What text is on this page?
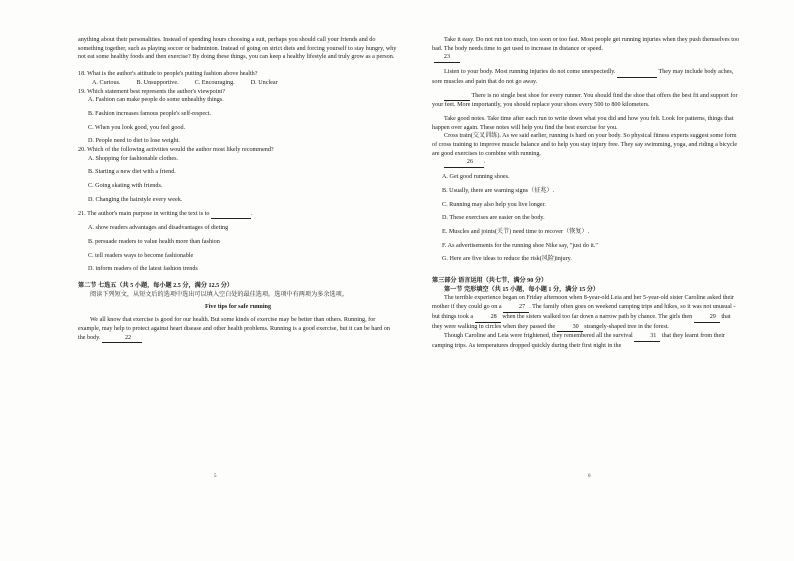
anything about their personalities. Instead of spending hours choosing a suit, perhaps you should call your friends and do something together, such as playing soccer or badminton. Instead of going on strict diets and forcing yourself to stay hungry, why not eat some healthy foods and then exercise? By doing these things, you can keep a healthy lifestyle and truly grow as a person.

18. What is the author's attitude to people's putting fashion above health?

A. Curious.	B. Unsupportive.	C. Encouraging.	D. Unclear

19. Which statement best represents the author's viewpoint?

A. Fashion can make people do some unhealthy things.

B. Fashion increases famous people's self-respect.

C. When you look good, you feel good.

D. People need to diet to lose weight.

20. Which of the following activities would the author most likely recommend?

A. Shopping for fashionable clothes.

B. Starting a new diet with a friend.

C. Going skating with friends.

D. Changing the hairstyle every week.

21. The author's main purpose in writing the text is to	.

A. show readers advantages and disadvantages of dieting

B. persuade readers to value health more than fashion

C. tell readers ways to become fashionable

D. inform readers of the latest fashion trends

第二节 七选五（共 5 小题，每小题 2.5 分，满分 12.5 分）

阅读下列短文，从短文后的选项中选出可以填入空白处的最佳选项。选项中有两项为多余选项。

Five tips for safe running

We all know that exercise is good for our health. But some kinds of exercise may be better than others. Running, for example, may help to protect against heart disease and other health problems. Running is a good exercise, but it can be hard on the body.	22

5

Take it easy. Do not run too much, too soon or too fast. Most people get running injuries when they push themselves too bad. The body needs time to get used to increase in distance or speed.

23

Listen to your body. Most running injuries do not come unexpectedly.	They may include body aches, sore muscles and pain that do not go away.

There is no single best shoe for every runner. You should find the shoe that offers the best fit and support for your feet. More importantly, you should replace your shoes every 500 to 800 kilometers.

Take good notes. Take time after each run to write down what you did and how you felt. Look for patterns, things that happen over again. These notes will help you find the best exercise for you.

Cross train(交叉训练). As we said earlier, running is hard on your body. So physical fitness experts suggest some form of cross training to improve muscle balance and to help you stay injury free. They say swimming, yoga, and riding a bicycle are good exercises to combine with running.

26 .

A. Get good running shoes.

B. Usually, there are warning signs（征兆）.

C. Running may also help you live longer.

D. These exercises are easier on the body.

E. Muscles and joints(关节) need time to recover（恢复）.

F. As advertisements for the running shoe Nike say, "just do it."

G. Here are five ideas to reduce the risk(风险)injury.

第三部分 语言运用（共七节，满分 90 分）

第一节 完形填空（共 15 小题，每小题 1 分，满分 15 分）

The terrible experience began on Friday afternoon when 8-year-old Leia and her 5-year-old sister Caroline asked their mother if they could go on a	27 . The family often goes on weekend camping trips and hikes, so it was not unusual - but things took a	28 when the sisters walked too far down a narrow path by chance. The girls then	29 that they were walking in circles when they passed the	30 strangely-shaped tree in the forest.

Though Caroline and Leia were frightened, they remembered all the survival	31 that they learnt from their camping trips. As temperatures dropped quickly during their first night in the

6
